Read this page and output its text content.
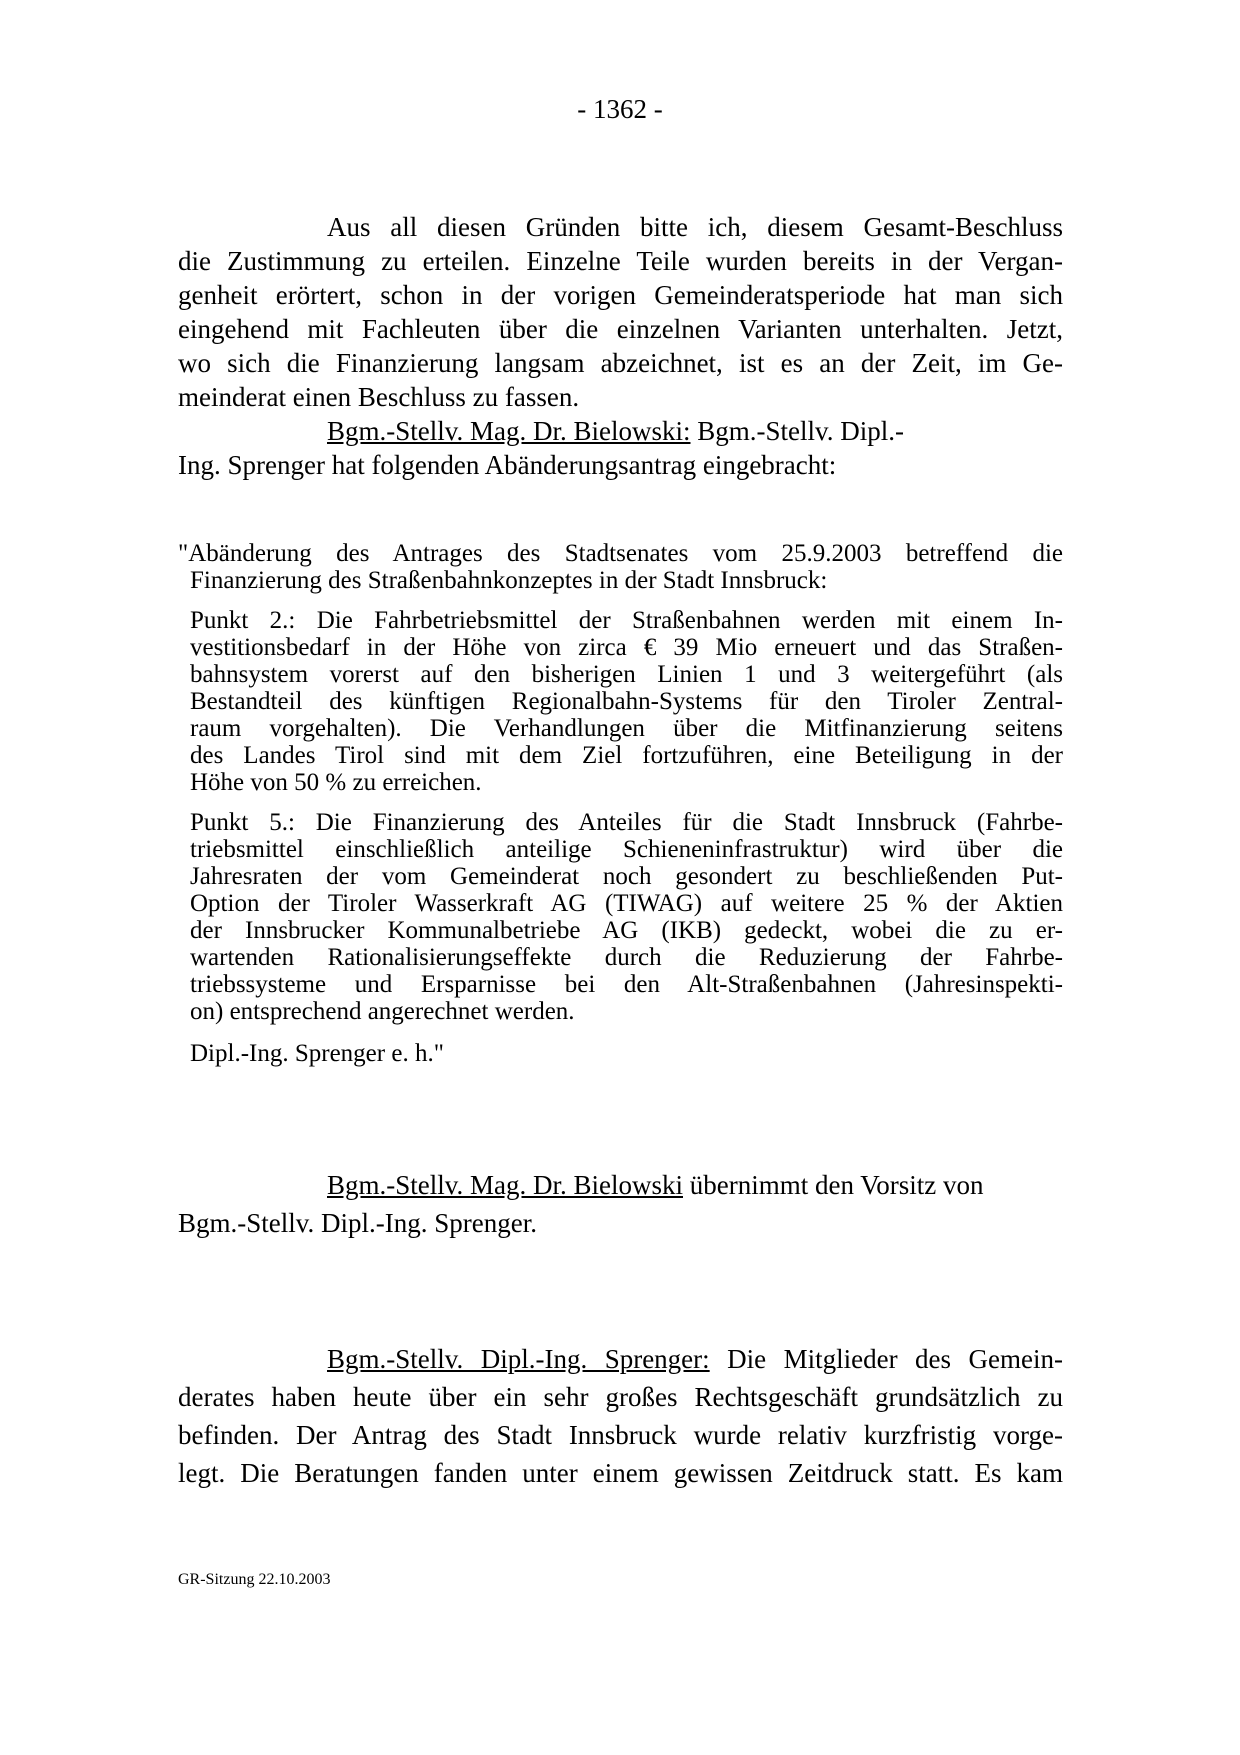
- 1362 -
Aus all diesen Gründen bitte ich, diesem Gesamt-Beschluss
die Zustimmung zu erteilen. Einzelne Teile wurden bereits in der Vergan-
genheit erörtert, schon in der vorigen Gemeinderatsperiode hat man sich
eingehend mit Fachleuten über die einzelnen Varianten unterhalten. Jetzt,
wo sich die Finanzierung langsam abzeichnet, ist es an der Zeit, im Ge-
meinderat einen Beschluss zu fassen.
Bgm.-Stellv. Mag. Dr. Bielowski: Bgm.-Stellv. Dipl.-
Ing. Sprenger hat folgenden Abänderungsantrag eingebracht:
"Abänderung des Antrages des Stadtsenates vom 25.9.2003 betreffend die
Finanzierung des Straßenbahnkonzeptes in der Stadt Innsbruck:
Punkt 2.: Die Fahrbetriebsmittel der Straßenbahnen werden mit einem In-
vestitionsbedarf in der Höhe von zirca € 39 Mio erneuert und das Straßen-
bahnsystem vorerst auf den bisherigen Linien 1 und 3 weitergeführt (als
Bestandteil des künftigen Regionalbahn-Systems für den Tiroler Zentral-
raum vorgehalten). Die Verhandlungen über die Mitfinanzierung seitens
des Landes Tirol sind mit dem Ziel fortzuführen, eine Beteiligung in der
Höhe von 50 % zu erreichen.
Punkt 5.: Die Finanzierung des Anteiles für die Stadt Innsbruck (Fahrbe-
triebsmittel einschließlich anteilige Schieneninfrastruktur) wird über die
Jahresraten der vom Gemeinderat noch gesondert zu beschließenden Put-
Option der Tiroler Wasserkraft AG (TIWAG) auf weitere 25 % der Aktien
der Innsbrucker Kommunalbetriebe AG (IKB) gedeckt, wobei die zu er-
wartenden Rationalisierungseffekte durch die Reduzierung der Fahrbe-
triebssysteme und Ersparnisse bei den Alt-Straßenbahnen (Jahresinspekti-
on) entsprechend angerechnet werden.
Dipl.-Ing. Sprenger e. h."
Bgm.-Stellv. Mag. Dr. Bielowski übernimmt den Vorsitz von
Bgm.-Stellv. Dipl.-Ing. Sprenger.
Bgm.-Stellv. Dipl.-Ing. Sprenger: Die Mitglieder des Gemein-
derates haben heute über ein sehr großes Rechtsgeschäft grundsätzlich zu
befinden. Der Antrag des Stadt Innsbruck wurde relativ kurzfristig vorge-
legt. Die Beratungen fanden unter einem gewissen Zeitdruck statt. Es kam
GR-Sitzung 22.10.2003
